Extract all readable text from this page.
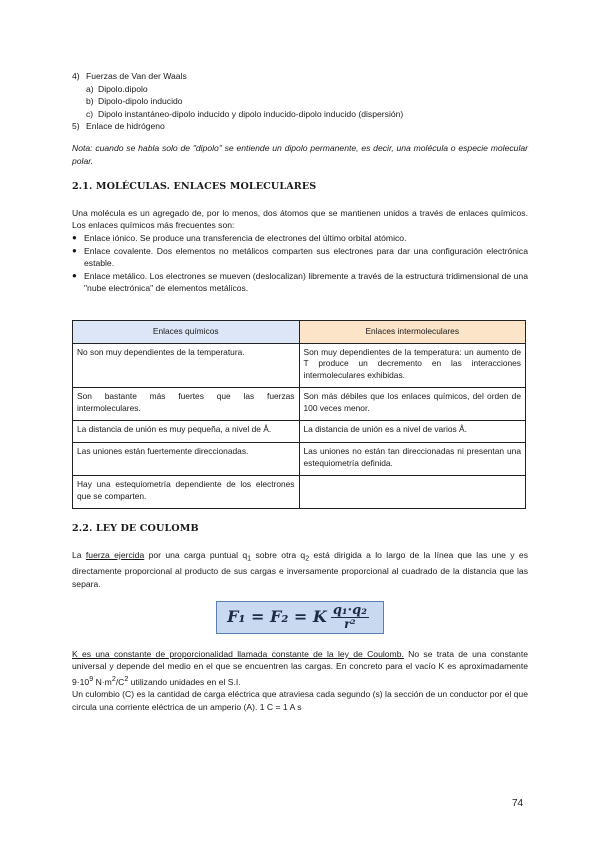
4) Fuerzas de Van der Waals
a) Dipolo.dipolo
b) Dipolo-dipolo inducido
c) Dipolo instantáneo-dipolo inducido y dipolo inducido-dipolo inducido (dispersión)
5) Enlace de hidrógeno

Nota: cuando se habla solo de "dipolo" se entiende un dipolo permanente, es decir, una molécula o especie molecular polar.

2.1. MOLÉCULAS. ENLACES MOLECULARES

Una molécula es un agregado de, por lo menos, dos átomos que se mantienen unidos a través de enlaces químicos. Los enlaces químicos más frecuentes son:

● Enlace iónico. Se produce una transferencia de electrones del último orbital atómico.
● Enlace covalente. Dos elementos no metálicos comparten sus electrones para dar una configuración electrónica estable.
● Enlace metálico. Los electrones se mueven (deslocalizan) libremente a través de la estructura tridimensional de una "nube electrónica" de elementos metálicos.
Enlaces químicos	Enlaces intermoleculares
No son muy dependientes de la temperatura.	Son muy dependientes de la temperatura: un aumento de T produce un decremento en las interacciones intermoleculares exhibidas.
Son bastante más fuertes que las fuerzas intermoleculares.	Son más débiles que los enlaces químicos, del orden de 100 veces menor.
La distancia de unión es muy pequeña, a nivel de Å.	La distancia de unión es a nivel de varios Å.
Las uniones están fuertemente direccionadas.	Las uniones no están tan direccionadas ni presentan una estequiometría definida.
Hay una estequiometría dependiente de los electrones que se comparten.	
2.2. LEY DE COULOMB

La fuerza ejercida por una carga puntual $q_1$ sobre otra $q_2$ está dirigida a lo largo de la línea que las une y es directamente proporcional al producto de sus cargas e inversamente proporcional al cuadrado de la distancia que las separa.

F₁ = F₂ = K $\frac{\text{q₁·q₂}}{\text{r²}}$

K es una constante de proporcionalidad llamada constante de la ley de Coulomb. No se trata de una constante universal y depende del medio en el que se encuentren las cargas. En concreto para el vacío K es aproximadamente $9\cdot 10^9$ $N\cdot m^2/C^2$ utilizando unidades en el S.I.

Un culombio (C) es la cantidad de carga eléctrica que atraviesa cada segundo (s) la sección de un conductor por el que circula una corriente eléctrica de un amperio (A). 1 C = 1 A s

74
